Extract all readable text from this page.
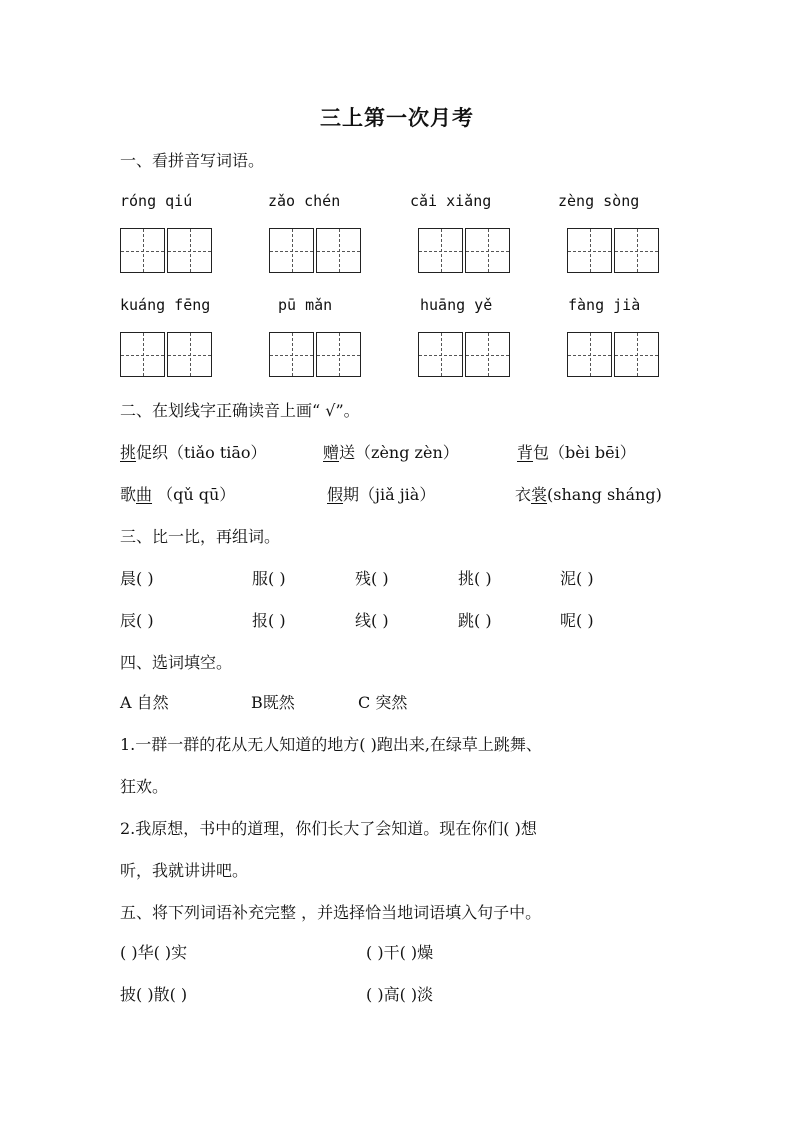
三上第一次月考
一、看拼音写词语。
róng qiú	zǎo chén	cǎi xiǎng	zèng sòng
kuáng fēng	pū mǎn	huāng yě	fàng jià
二、在划线字正确读音上画“ √”。
挑促织（tiǎo tiāo）	赠送（zèng zèn）	背包（bèi bēi）
歌曲 （qǔ qū）	假期（jiǎ jià）	衣裳(shang sháng)
三、比一比，再组词。
晨( )	服( )	残( )	挑( )	泥( )
辰( )	报( )	线( )	跳( )	呢( )
四、选词填空。
A 自然	B既然	C 突然
1.一群一群的花从无人知道的地方( )跑出来,在绿草上跳舞、
狂欢。
2.我原想，书中的道理，你们长大了会知道。现在你们( )想
听，我就讲讲吧。
五、将下列词语补充完整 ，并选择恰当地词语填入句子中。
( )华( )实	( )干( )燥
披( )散( )	( )高( )淡
